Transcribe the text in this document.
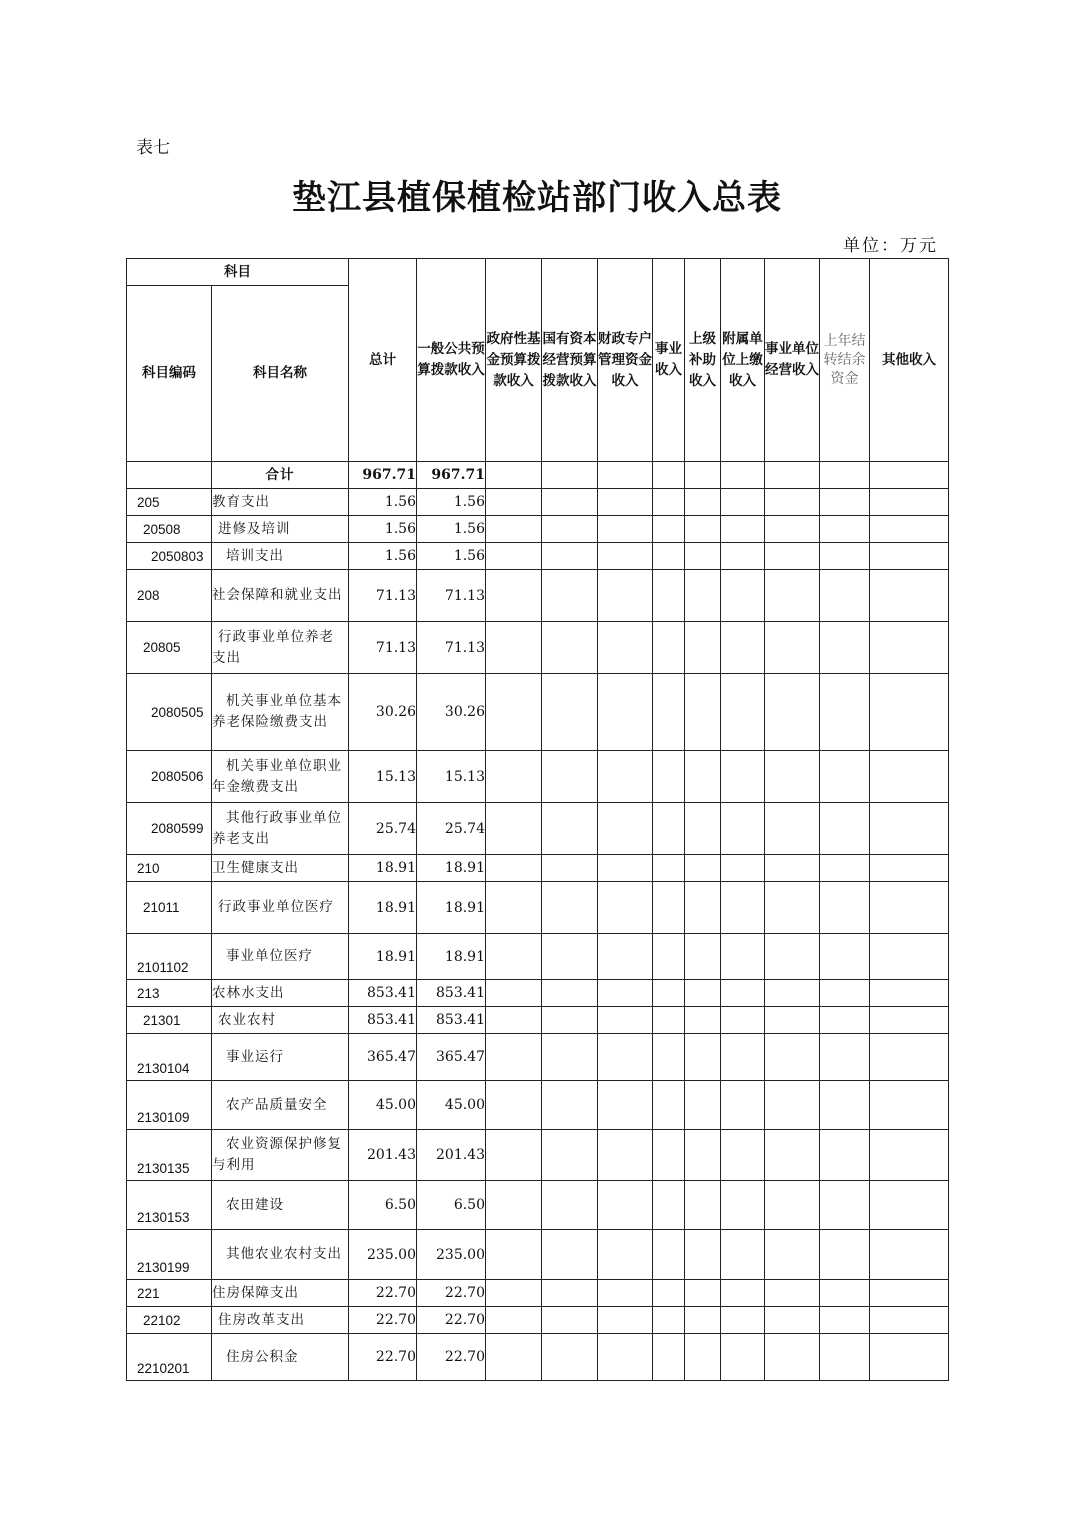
表七
垫江县植保植检站部门收入总表
单位：万元
科目		总计	一般公共预算拨款收入	政府性基金预算拨款收入	国有资本经营预算拨款收入	财政专户管理资金收入	事业收入	上级补助收入	附属单位上缴收入	事业单位经营收入	上年结转结余资金	其他收入
科目编码	科目名称											
	合计	967.71	967.71									
205	教育支出	1.56	1.56									
20508	进修及培训	1.56	1.56									
2050803	培训支出	1.56	1.56									
208	社会保障和就业支出	71.13	71.13									
20805	行政事业单位养老支出	71.13	71.13									
2080505	机关事业单位基本养老保险缴费支出	30.26	30.26									
2080506	机关事业单位职业年金缴费支出	15.13	15.13									
2080599	其他行政事业单位养老支出	25.74	25.74									
210	卫生健康支出	18.91	18.91									
21011	行政事业单位医疗	18.91	18.91									
2101102	事业单位医疗	18.91	18.91									
213	农林水支出	853.41	853.41									
21301	农业农村	853.41	853.41									
2130104	事业运行	365.47	365.47									
2130109	农产品质量安全	45.00	45.00									
2130135	农业资源保护修复与利用	201.43	201.43									
2130153	农田建设	6.50	6.50									
2130199	其他农业农村支出	235.00	235.00									
221	住房保障支出	22.70	22.70									
22102	住房改革支出	22.70	22.70									
2210201	住房公积金	22.70	22.70									
